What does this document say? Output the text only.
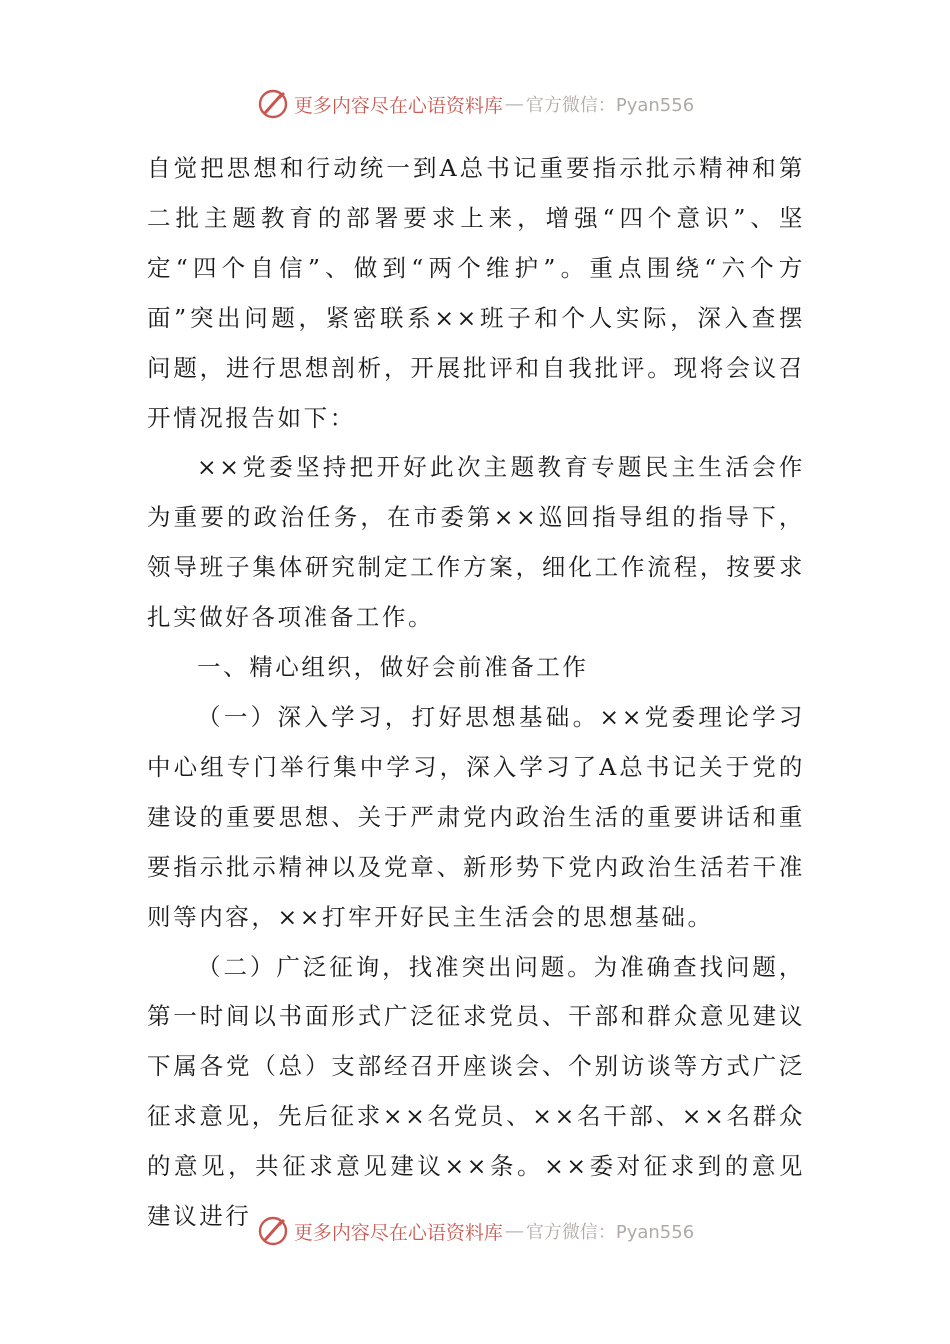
更多内容尽在心语资料库 — 官方微信：Pyan556

自觉把思想和行动统一到A总书记重要指示批示精神和第二批主题教育的部署要求上来，增强“四个意识”、坚定“四个自信”、做到“两个维护”。重点围绕“六个方面”突出问题，紧密联系××班子和个人实际，深入查摆问题，进行思想剖析，开展批评和自我批评。现将会议召开情况报告如下：

××党委坚持把开好此次主题教育专题民主生活会作为重要的政治任务，在市委第××巡回指导组的指导下，领导班子集体研究制定工作方案，细化工作流程，按要求扎实做好各项准备工作。

一、精心组织，做好会前准备工作

（一）深入学习，打好思想基础。××党委理论学习中心组专门举行集中学习，深入学习了A总书记关于党的建设的重要思想、关于严肃党内政治生活的重要讲话和重要指示批示精神以及党章、新形势下党内政治生活若干准则等内容，××打牢开好民主生活会的思想基础。

（二）广泛征询，找准突出问题。为准确查找问题，第一时间以书面形式广泛征求党员、干部和群众意见建议下属各党（总）支部经召开座谈会、个别访谈等方式广泛征求意见，先后征求××名党员、××名干部、××名群众的意见，共征求意见建议××条。××委对征求到的意见建议进行

更多内容尽在心语资料库 — 官方微信：Pyan556
